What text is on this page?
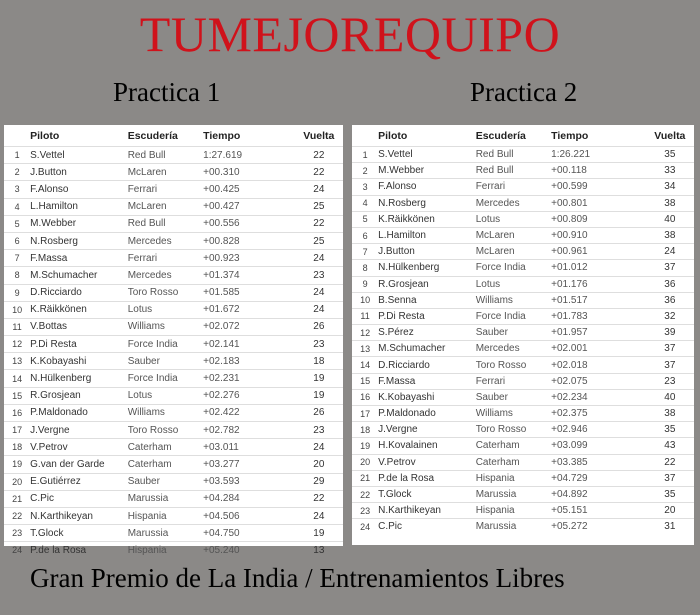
TUMEJOREQUIPO
Practica 1	Practica 2
	Piloto	Escudería	Tiempo	Vuelta
1	S.Vettel	Red Bull	1:27.619	22
2	J.Button	McLaren	+00.310	22
3	F.Alonso	Ferrari	+00.425	24
4	L.Hamilton	McLaren	+00.427	25
5	M.Webber	Red Bull	+00.556	22
6	N.Rosberg	Mercedes	+00.828	25
7	F.Massa	Ferrari	+00.923	24
8	M.Schumacher	Mercedes	+01.374	23
9	D.Ricciardo	Toro Rosso	+01.585	24
10	K.Räikkönen	Lotus	+01.672	24
11	V.Bottas	Williams	+02.072	26
12	P.Di Resta	Force India	+02.141	23
13	K.Kobayashi	Sauber	+02.183	18
14	N.Hülkenberg	Force India	+02.231	19
15	R.Grosjean	Lotus	+02.276	19
16	P.Maldonado	Williams	+02.422	26
17	J.Vergne	Toro Rosso	+02.782	23
18	V.Petrov	Caterham	+03.011	24
19	G.van der Garde	Caterham	+03.277	20
20	E.Gutiérrez	Sauber	+03.593	29
21	C.Pic	Marussia	+04.284	22
22	N.Karthikeyan	Hispania	+04.506	24
23	T.Glock	Marussia	+04.750	19
24	P.de la Rosa	Hispania	+05.240	13
	Piloto	Escudería	Tiempo	Vuelta
1	S.Vettel	Red Bull	1:26.221	35
2	M.Webber	Red Bull	+00.118	33
3	F.Alonso	Ferrari	+00.599	34
4	N.Rosberg	Mercedes	+00.801	38
5	K.Räikkönen	Lotus	+00.809	40
6	L.Hamilton	McLaren	+00.910	38
7	J.Button	McLaren	+00.961	24
8	N.Hülkenberg	Force India	+01.012	37
9	R.Grosjean	Lotus	+01.176	36
10	B.Senna	Williams	+01.517	36
11	P.Di Resta	Force India	+01.783	32
12	S.Pérez	Sauber	+01.957	39
13	M.Schumacher	Mercedes	+02.001	37
14	D.Ricciardo	Toro Rosso	+02.018	37
15	F.Massa	Ferrari	+02.075	23
16	K.Kobayashi	Sauber	+02.234	40
17	P.Maldonado	Williams	+02.375	38
18	J.Vergne	Toro Rosso	+02.946	35
19	H.Kovalainen	Caterham	+03.099	43
20	V.Petrov	Caterham	+03.385	22
21	P.de la Rosa	Hispania	+04.729	37
22	T.Glock	Marussia	+04.892	35
23	N.Karthikeyan	Hispania	+05.151	20
24	C.Pic	Marussia	+05.272	31
Gran Premio de La India / Entrenamientos Libres
